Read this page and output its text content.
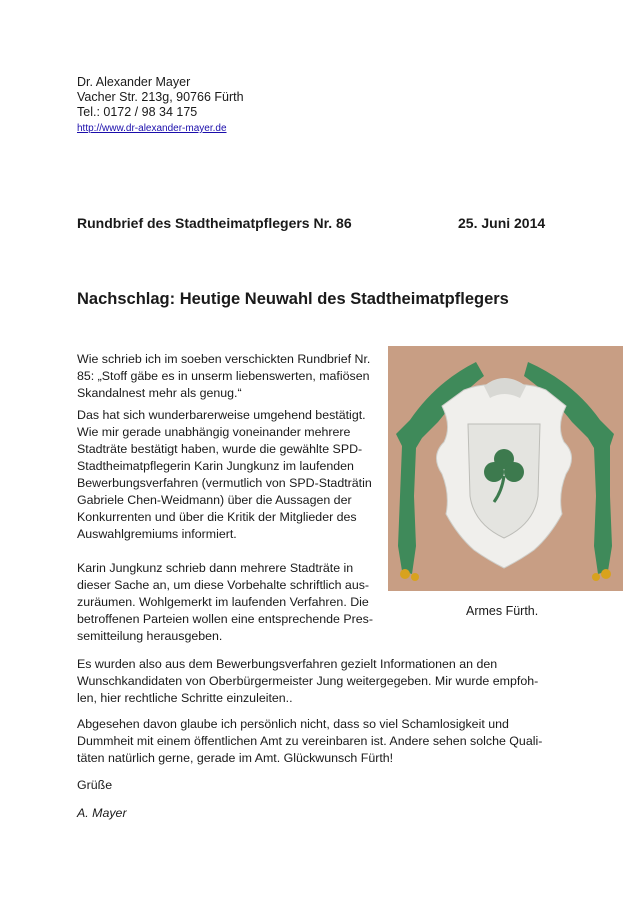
Dr. Alexander Mayer
Vacher Str. 213g, 90766 Fürth
Tel.: 0172 / 98 34 175
http://www.dr-alexander-mayer.de
Rundbrief des Stadtheimatpflegers Nr. 86	25. Juni 2014
Nachschlag: Heutige Neuwahl des Stadtheimatpflegers

Wie schrieb ich im soeben verschickten Rundbrief Nr.
85: „Stoff gäbe es in unserm liebenswerten, mafiösen
Skandalnest mehr als genug.“

Das hat sich wunderbarerweise umgehend bestätigt.
Wie mir gerade unabhängig voneinander mehrere
Stadträte bestätigt haben, wurde die gewählte SPD-
Stadtheimatpflegerin Karin Jungkunz im laufenden
Bewerbungsverfahren (vermutlich von SPD-Stadträtin
Gabriele Chen-Weidmann) über die Aussagen der
Konkurrenten und über die Kritik der Mitglieder des
Auswahlgremiums informiert.

Karin Jungkunz schrieb dann mehrere Stadträte in
dieser Sache an, um diese Vorbehalte schriftlich aus-
zuräumen. Wohlgemerkt im laufenden Verfahren. Die
betroffenen Parteien wollen eine entsprechende Pres-
semitteilung herausgeben.

Es wurden also aus dem Bewerbungsverfahren gezielt Informationen an den
Wunschkandidaten von Oberbürgermeister Jung weitergegeben. Mir wurde empfoh-
len, hier rechtliche Schritte einzuleiten..

Abgesehen davon glaube ich persönlich nicht, dass so viel Schamlosigkeit und
Dummheit mit einem öffentlichen Amt zu vereinbaren ist. Andere sehen solche Quali-
täten natürlich gerne, gerade im Amt. Glückwunsch Fürth!

Grüße

A. Mayer

Armes Fürth.
